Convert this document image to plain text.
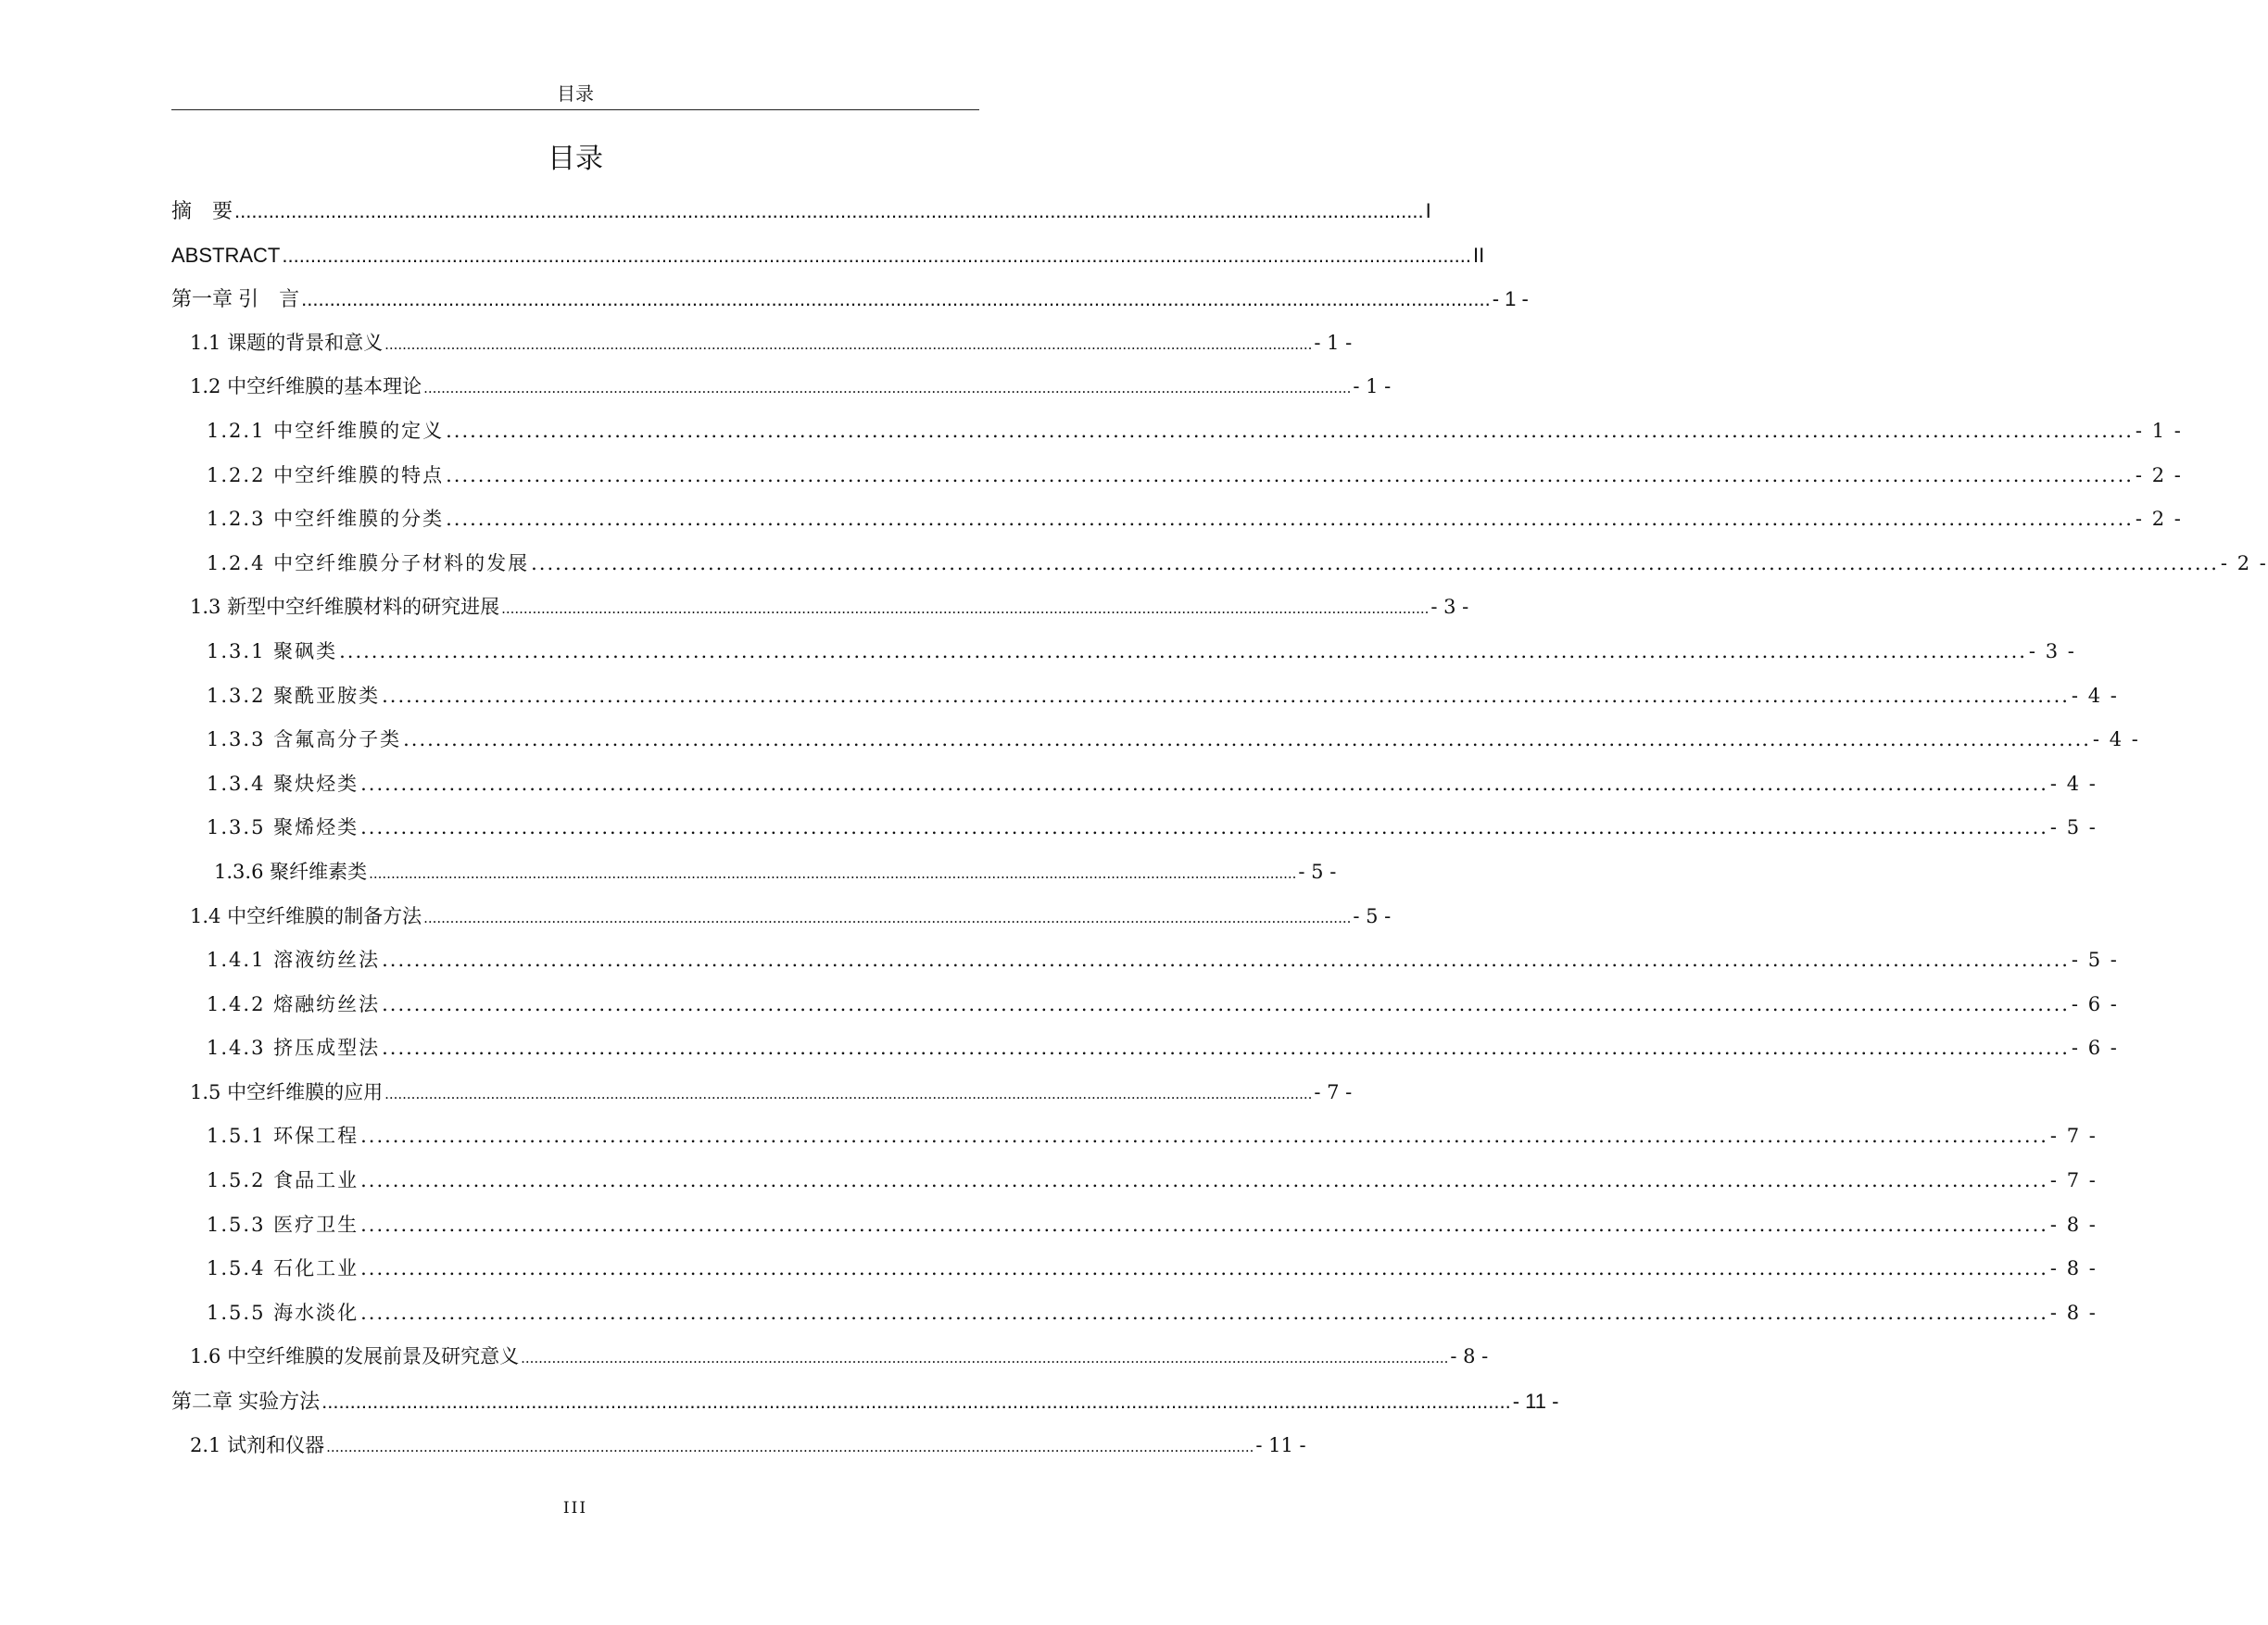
目录
目录
摘　要 .................................................................................................................................................................................................................. I
ABSTRACT .................................................................................................................................................................................................................. II
第一章 引　言 .................................................................................................................................................................................................................. - 1 -
1.1 课题的背景和意义 .................................................................................................................................................................................................................. - 1 -
1.2 中空纤维膜的基本理论 .................................................................................................................................................................................................................. - 1 -
1.2.1 中空纤维膜的定义 .................................................................................................................................................................................................................. - 1 -
1.2.2 中空纤维膜的特点 .................................................................................................................................................................................................................. - 2 -
1.2.3 中空纤维膜的分类 .................................................................................................................................................................................................................. - 2 -
1.2.4 中空纤维膜分子材料的发展 .................................................................................................................................................................................................................. - 2 -
1.3 新型中空纤维膜材料的研究进展 .................................................................................................................................................................................................................. - 3 -
1.3.1 聚砜类 .................................................................................................................................................................................................................. - 3 -
1.3.2 聚酰亚胺类 .................................................................................................................................................................................................................. - 4 -
1.3.3 含氟高分子类 .................................................................................................................................................................................................................. - 4 -
1.3.4 聚炔烃类 .................................................................................................................................................................................................................. - 4 -
1.3.5 聚烯烃类 .................................................................................................................................................................................................................. - 5 -
1.3.6 聚纤维素类 .................................................................................................................................................................................................................. - 5 -
1.4 中空纤维膜的制备方法 .................................................................................................................................................................................................................. - 5 -
1.4.1 溶液纺丝法 .................................................................................................................................................................................................................. - 5 -
1.4.2 熔融纺丝法 .................................................................................................................................................................................................................. - 6 -
1.4.3 挤压成型法 .................................................................................................................................................................................................................. - 6 -
1.5 中空纤维膜的应用 .................................................................................................................................................................................................................. - 7 -
1.5.1 环保工程 .................................................................................................................................................................................................................. - 7 -
1.5.2 食品工业 .................................................................................................................................................................................................................. - 7 -
1.5.3 医疗卫生 .................................................................................................................................................................................................................. - 8 -
1.5.4 石化工业 .................................................................................................................................................................................................................. - 8 -
1.5.5 海水淡化 .................................................................................................................................................................................................................. - 8 -
1.6 中空纤维膜的发展前景及研究意义 .................................................................................................................................................................................................................. - 8 -
第二章 实验方法 .................................................................................................................................................................................................................. - 11 -
2.1 试剂和仪器 .................................................................................................................................................................................................................. - 11 -
III
